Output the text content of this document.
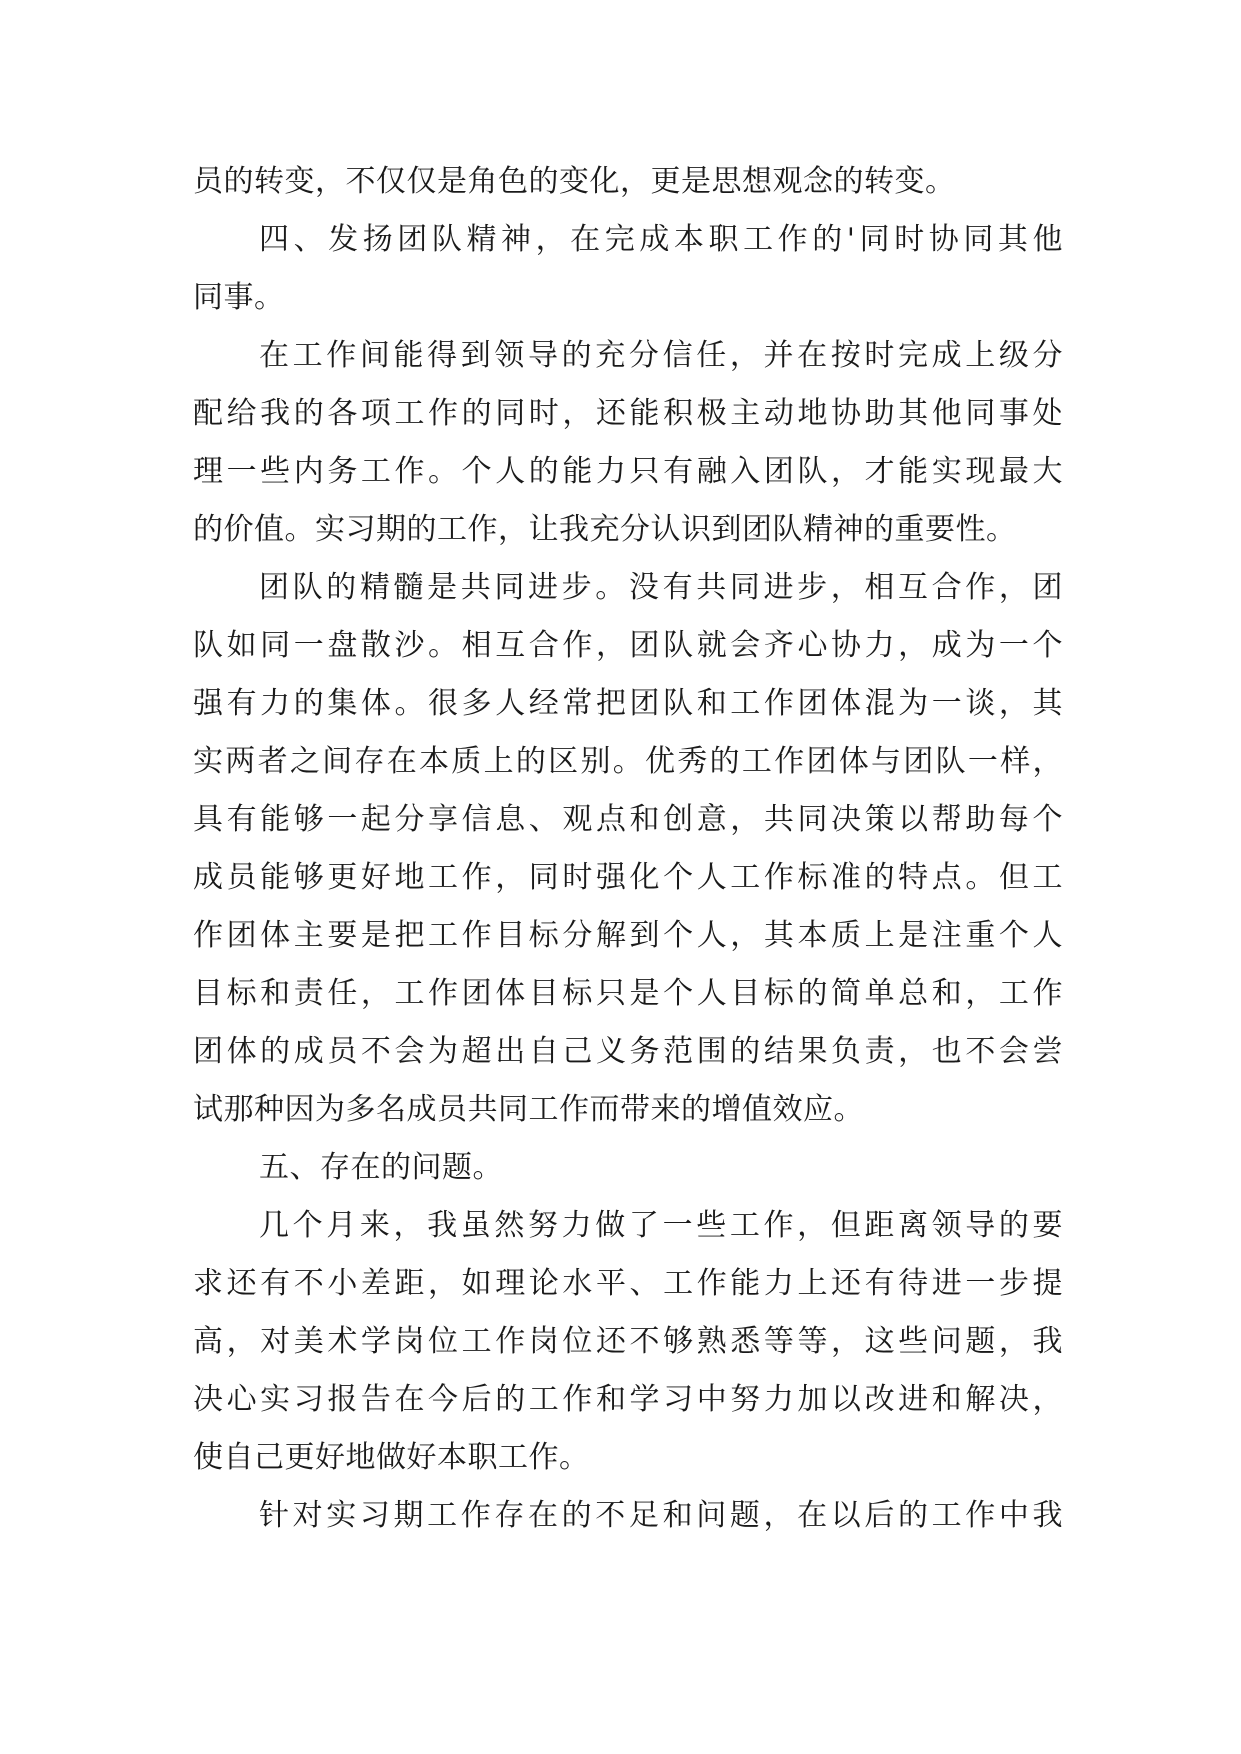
员的转变，不仅仅是角色的变化，更是思想观念的转变。
四、发扬团队精神，在完成本职工作的'同时协同其他
同事。
在工作间能得到领导的充分信任，并在按时完成上级分
配给我的各项工作的同时，还能积极主动地协助其他同事处
理一些内务工作。个人的能力只有融入团队，才能实现最大
的价值。实习期的工作，让我充分认识到团队精神的重要性。
团队的精髓是共同进步。没有共同进步，相互合作，团
队如同一盘散沙。相互合作，团队就会齐心协力，成为一个
强有力的集体。很多人经常把团队和工作团体混为一谈，其
实两者之间存在本质上的区别。优秀的工作团体与团队一样，
具有能够一起分享信息、观点和创意，共同决策以帮助每个
成员能够更好地工作，同时强化个人工作标准的特点。但工
作团体主要是把工作目标分解到个人，其本质上是注重个人
目标和责任，工作团体目标只是个人目标的简单总和，工作
团体的成员不会为超出自己义务范围的结果负责，也不会尝
试那种因为多名成员共同工作而带来的增值效应。
五、存在的问题。
几个月来，我虽然努力做了一些工作，但距离领导的要
求还有不小差距，如理论水平、工作能力上还有待进一步提
高，对美术学岗位工作岗位还不够熟悉等等，这些问题，我
决心实习报告在今后的工作和学习中努力加以改进和解决，
使自己更好地做好本职工作。
针对实习期工作存在的不足和问题，在以后的工作中我
